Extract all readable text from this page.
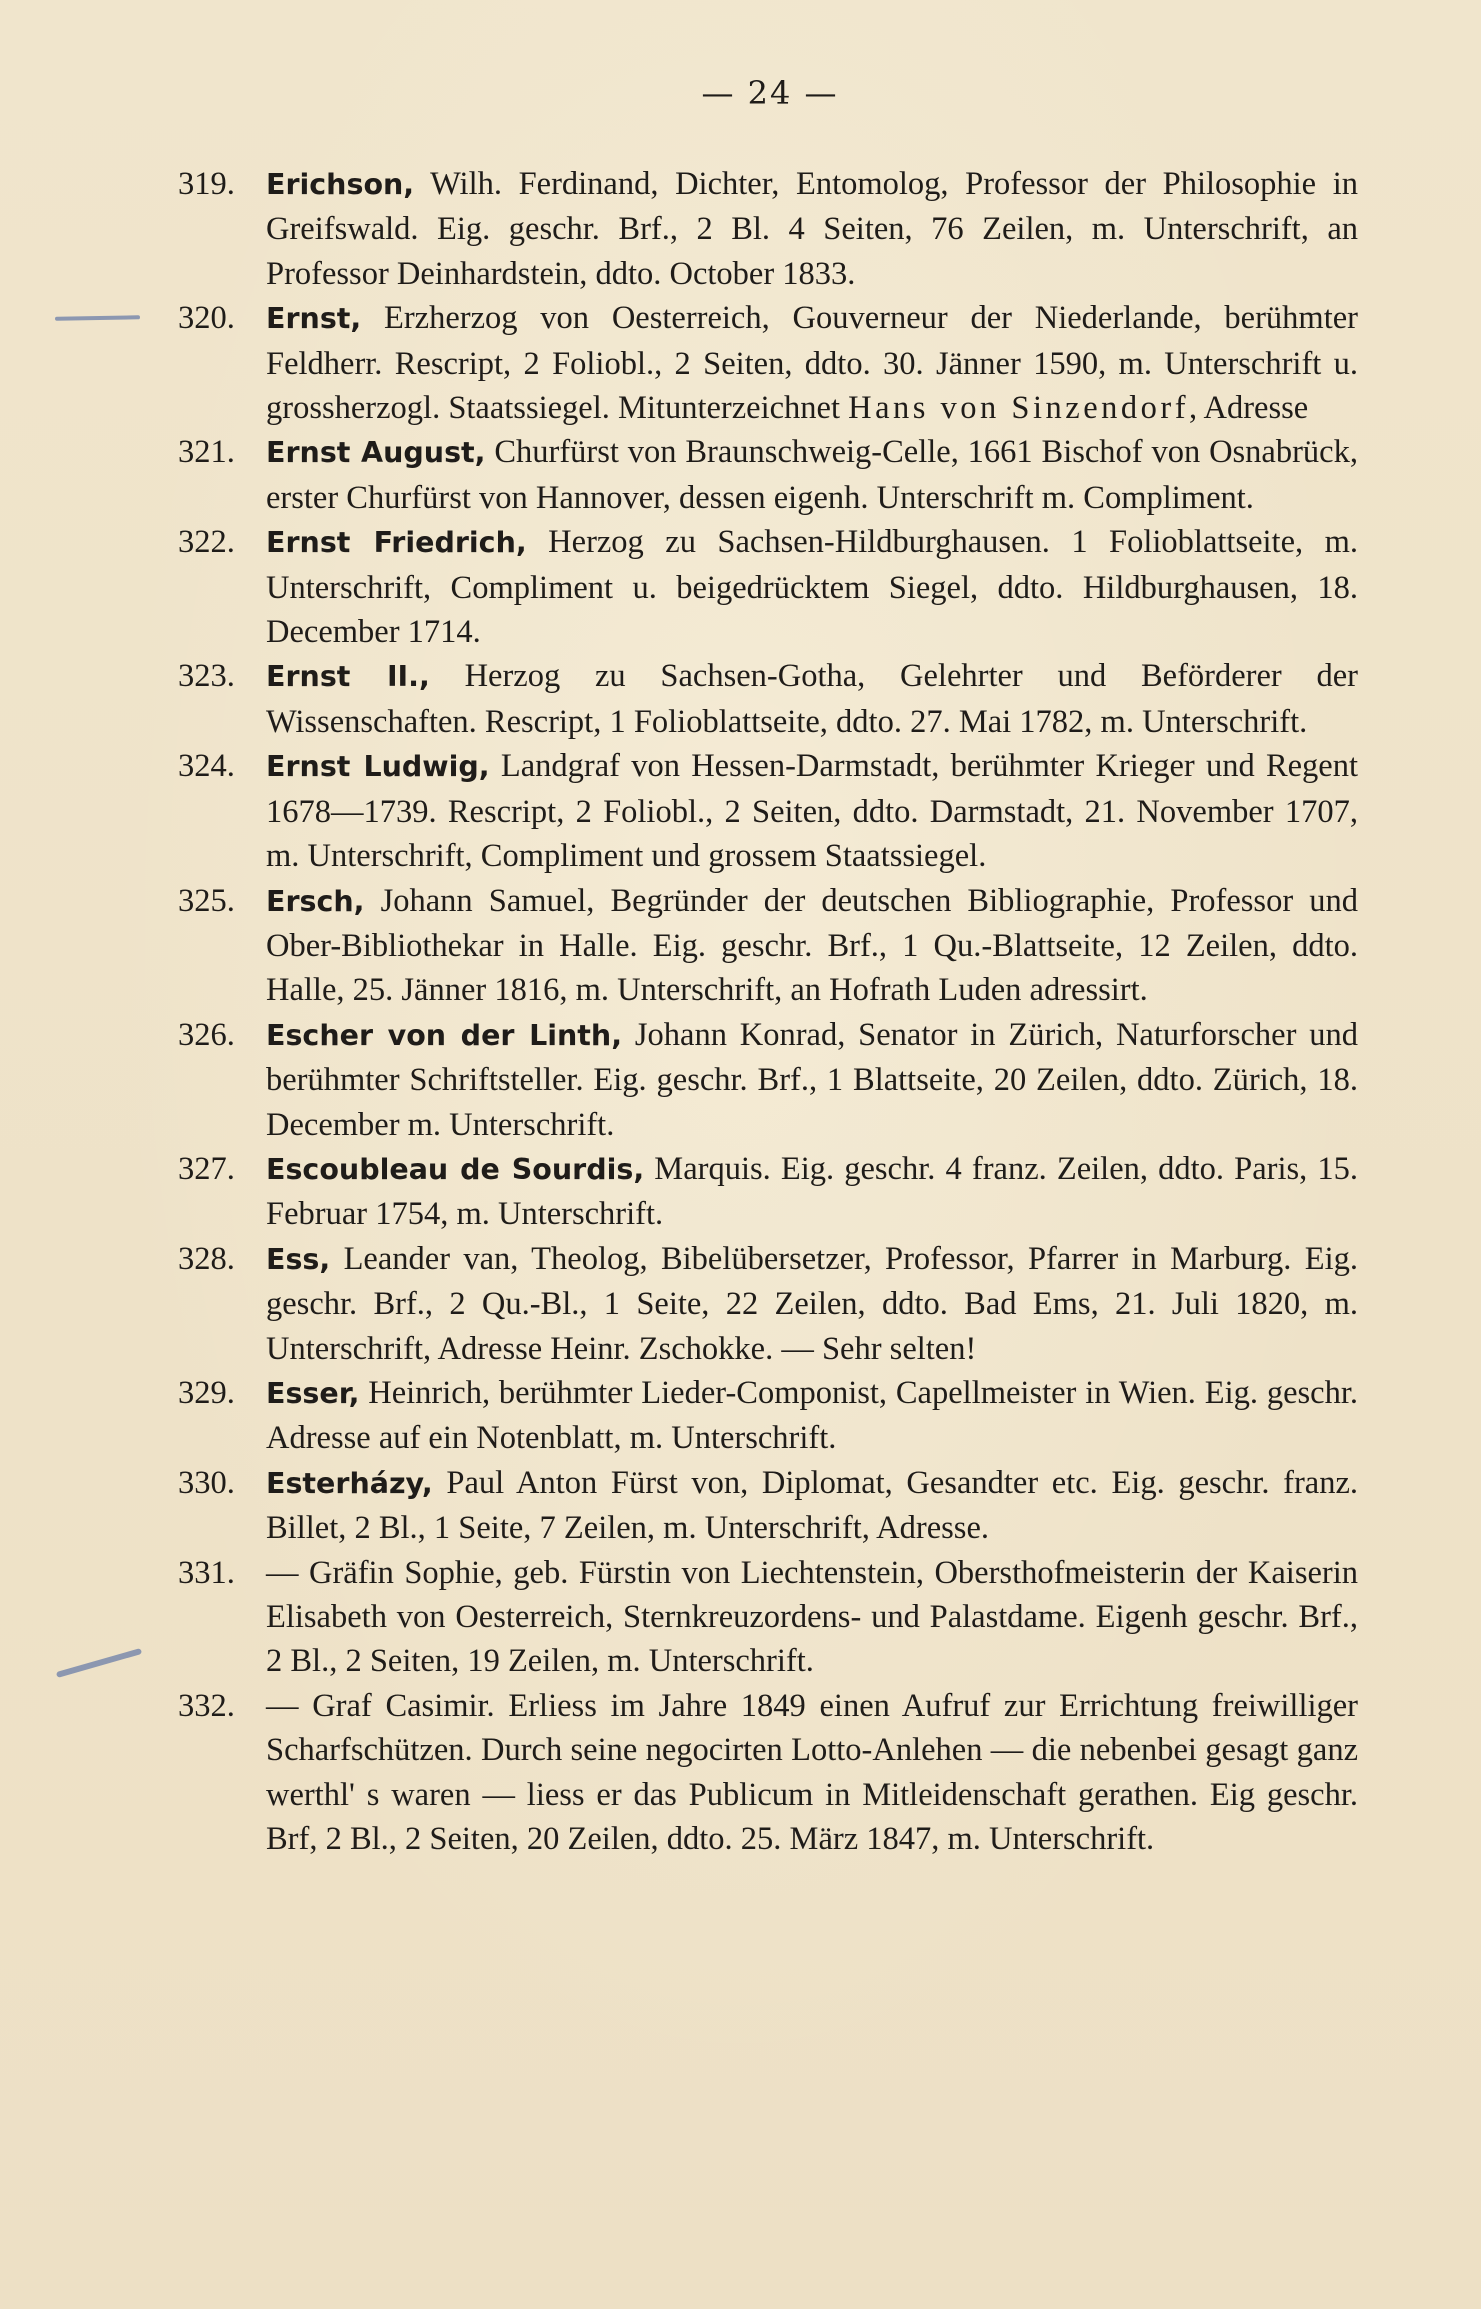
— 24 —
319. Erichson, Wilh. Ferdinand, Dichter, Entomolog, Professor der Philosophie in Greifswald. Eig. geschr. Brf., 2 Bl. 4 Seiten, 76 Zeilen, m. Unterschrift, an Professor Deinhardstein, ddto. October 1833.
320. Ernst, Erzherzog von Oesterreich, Gouverneur der Niederlande, berühmter Feldherr. Rescript, 2 Foliobl., 2 Seiten, ddto. 30. Jänner 1590, m. Unterschrift u. grossherzogl. Staatssiegel. Mitunterzeichnet Hans von Sinzendorf, Adresse
321. Ernst August, Churfürst von Braunschweig-Celle, 1661 Bischof von Osnabrück, erster Churfürst von Hannover, dessen eigenh. Unterschrift m. Compliment.
322. Ernst Friedrich, Herzog zu Sachsen-Hildburghausen. 1 Folioblattseite, m. Unterschrift, Compliment u. beigedrücktem Siegel, ddto. Hildburghausen, 18. December 1714.
323. Ernst II., Herzog zu Sachsen-Gotha, Gelehrter und Beförderer der Wissenschaften. Rescript, 1 Folioblattseite, ddto. 27. Mai 1782, m. Unterschrift.
324. Ernst Ludwig, Landgraf von Hessen-Darmstadt, berühmter Krieger und Regent 1678—1739. Rescript, 2 Foliobl., 2 Seiten, ddto. Darmstadt, 21. November 1707, m. Unterschrift, Compliment und grossem Staatssiegel.
325. Ersch, Johann Samuel, Begründer der deutschen Bibliographie, Professor und Ober-Bibliothekar in Halle. Eig. geschr. Brf., 1 Qu.-Blattseite, 12 Zeilen, ddto. Halle, 25. Jänner 1816, m. Unterschrift, an Hofrath Luden adressirt.
326. Escher von der Linth, Johann Konrad, Senator in Zürich, Naturforscher und berühmter Schriftsteller. Eig. geschr. Brf., 1 Blattseite, 20 Zeilen, ddto. Zürich, 18. December m. Unterschrift.
327. Escoubleau de Sourdis, Marquis. Eig. geschr. 4 franz. Zeilen, ddto. Paris, 15. Februar 1754, m. Unterschrift.
328. Ess, Leander van, Theolog, Bibelübersetzer, Professor, Pfarrer in Marburg. Eig. geschr. Brf., 2 Qu.-Bl., 1 Seite, 22 Zeilen, ddto. Bad Ems, 21. Juli 1820, m. Unterschrift, Adresse Heinr. Zschokke. — Sehr selten!
329. Esser, Heinrich, berühmter Lieder-Componist, Capellmeister in Wien. Eig. geschr. Adresse auf ein Notenblatt, m. Unterschrift.
330. Esterházy, Paul Anton Fürst von, Diplomat, Gesandter etc. Eig. geschr. franz. Billet, 2 Bl., 1 Seite, 7 Zeilen, m. Unterschrift, Adresse.
331. — Gräfin Sophie, geb. Fürstin von Liechtenstein, Obersthofmeisterin der Kaiserin Elisabeth von Oesterreich, Sternkreuzordens- und Palastdame. Eigenh geschr. Brf., 2 Bl., 2 Seiten, 19 Zeilen, m. Unterschrift.
332. — Graf Casimir. Erliess im Jahre 1849 einen Aufruf zur Errichtung freiwilliger Scharfschützen. Durch seine negocirten Lotto-Anlehen — die nebenbei gesagt ganz werthl' s waren — liess er das Publicum in Mitleidenschaft gerathen. Eig geschr. Brf, 2 Bl., 2 Seiten, 20 Zeilen, ddto. 25. März 1847, m. Unterschrift.
